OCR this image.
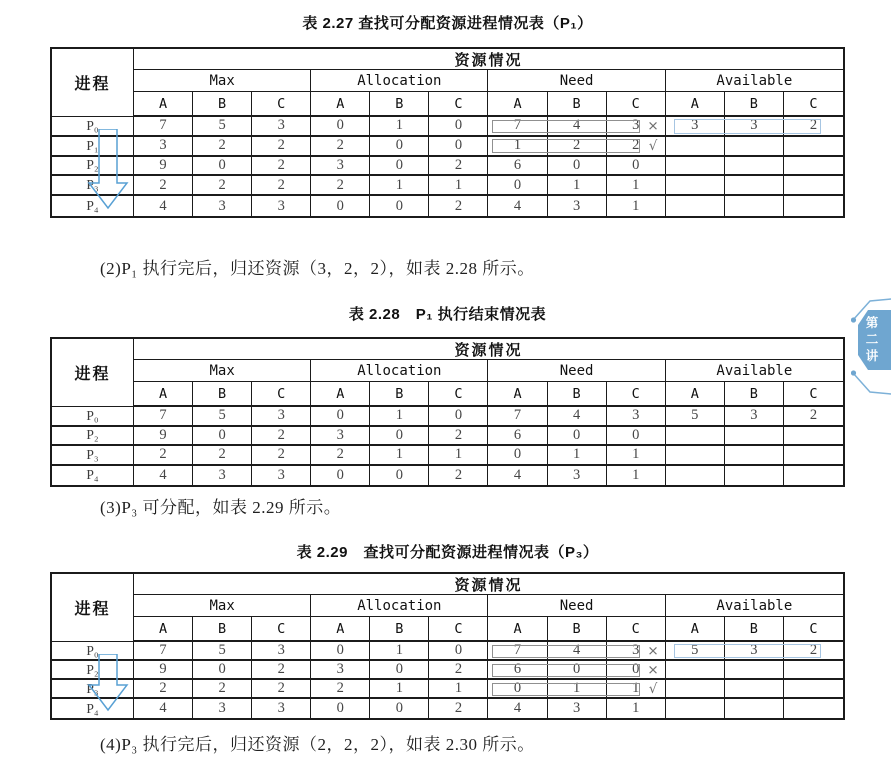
表 2.27 查找可分配资源进程情况表（P₁）
进程
资源情况
Max	Allocation	Need	Available
A	B	C	A	B	C	A	B	C	A	B	C
P₀	7	5	3	0	1	0	7	4	3	3	3	2
P₁	3	2	2	2	0	0	1	2	2
P₂	9	0	2	3	0	2	6	0	0
P₃	2	2	2	2	1	1	0	1	1
P₄	4	3	3	0	0	2	4	3	1
×
√

(2)P₁ 执行完后，归还资源（3，2，2），如表 2.28 所示。

表 2.28　P₁ 执行结束情况表
进程
资源情况
Max	Allocation	Need	Available
A	B	C	A	B	C	A	B	C	A	B	C
P₀	7	5	3	0	1	0	7	4	3	5	3	2
P₂	9	0	2	3	0	2	6	0	0
P₃	2	2	2	2	1	1	0	1	1
P₄	4	3	3	0	0	2	4	3	1

(3)P₃ 可分配，如表 2.29 所示。

表 2.29　查找可分配资源进程情况表（P₃）
进程
资源情况
Max	Allocation	Need	Available
A	B	C	A	B	C	A	B	C	A	B	C
P₀	7	5	3	0	1	0	7	4	3	5	3	2
P₂	9	0	2	3	0	2	6	0	0
P₃	2	2	2	2	1	1	0	1	1
P₄	4	3	3	0	0	2	4	3	1
×
×
√

(4)P₃ 执行完后，归还资源（2，2，2），如表 2.30 所示。

第二讲
